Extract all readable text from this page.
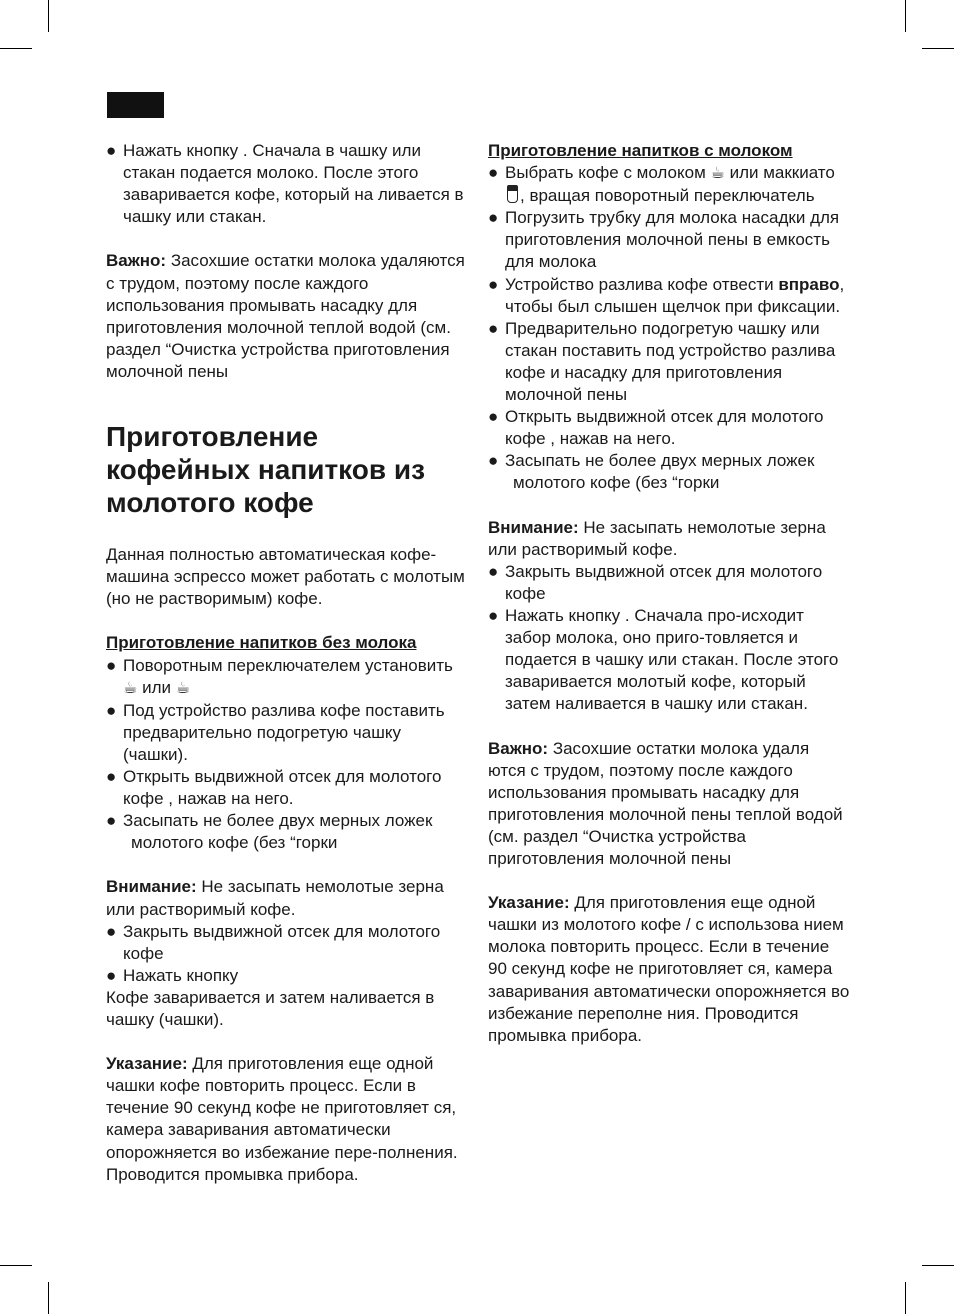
● Нажать кнопку . Сначала в чашку или стакан подается молоко. После этого заваривается кофе, который на ливается в чашку или стакан.

Важно: Засохшие остатки молока удаляются с трудом, поэтому после каждого использования промывать насадку для приготовления молочной теплой водой (см. раздел “Очистка устройства приготовления молочной пены

Приготовление кофейных напитков из молотого кофе

Данная полностью автоматическая кофе-машина эспрессо может работать с молотым (но не растворимым) кофе.

Приготовление напитков без молока

● Поворотным переключателем установить ☕ или ☕

● Под устройство разлива кофе поставить предварительно подогретую чашку (чашки).

● Открыть выдвижной отсек для молотого кофе , нажав на него.

● Засыпать не более двух мерных ложек

молотого кофе (без “горки

Внимание: Не засыпать немолотые зерна или растворимый кофе.

● Закрыть выдвижной отсек для молотого кофе

● Нажать кнопку

Кофе заваривается и затем наливается в чашку (чашки).

Указание: Для приготовления еще одной чашки кофе повторить процесс. Если в течение 90 секунд кофе не приготовляет ся, камера заваривания автоматически опорожняется во избежание пере-полнения. Проводится промывка прибора.

Приготовление напитков с молоком

● Выбрать кофе с молоком ☕ или маккиато , вращая поворотный переключатель

● Погрузить трубку для молока насадки для приготовления молочной пены в емкость для молока

● Устройство разлива кофе отвести вправо, чтобы был слышен щелчок при фиксации.

● Предварительно подогретую чашку или стакан поставить под устройство разлива кофе и насадку для приготовления молочной пены

● Открыть выдвижной отсек для молотого кофе , нажав на него.

● Засыпать не более двух мерных ложек

молотого кофе (без “горки

Внимание: Не засыпать немолотые зерна или растворимый кофе.

● Закрыть выдвижной отсек для молотого кофе

● Нажать кнопку . Сначала про-исходит забор молока, оно приго-товляется и подается в чашку или стакан. После этого заваривается молотый кофе, который затем наливается в чашку или стакан.

Важно: Засохшие остатки молока удаля ются с трудом, поэтому после каждого использования промывать насадку для приготовления молочной пены теплой водой (см. раздел “Очистка устройства приготовления молочной пены

Указание: Для приготовления еще одной чашки из молотого кофе / с использова нием молока повторить процесс. Если в течение 90 секунд кофе не приготовляет ся, камера заваривания автоматически опорожняется во избежание переполне ния. Проводится промывка прибора.
